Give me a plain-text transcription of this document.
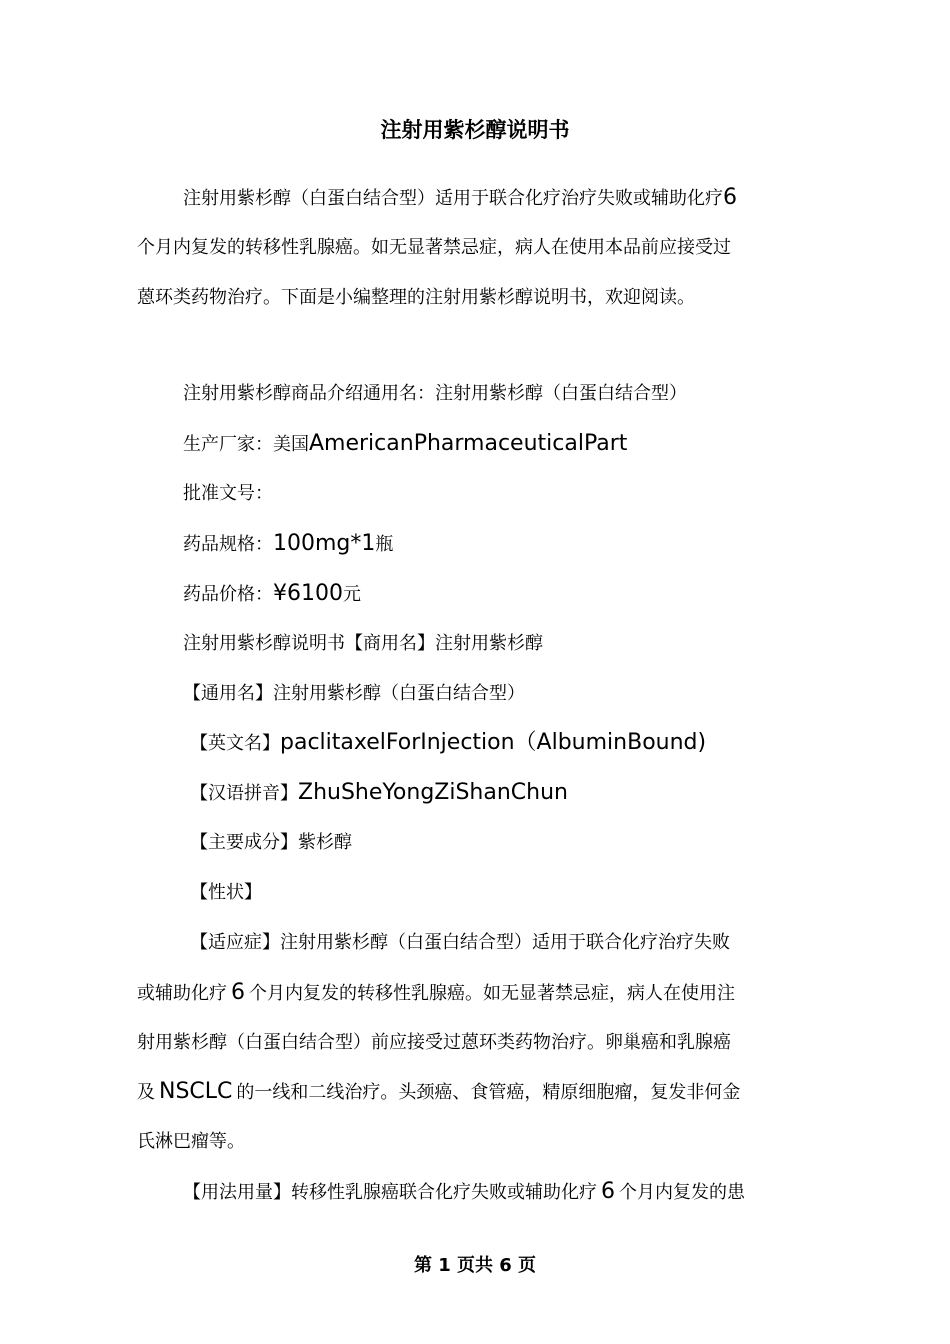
注射用紫杉醇说明书

注射用紫杉醇（白蛋白结合型）适用于联合化疗治疗失败或辅助化疗6

个月内复发的转移性乳腺癌。如无显著禁忌症，病人在使用本品前应接受过

蒽环类药物治疗。下面是小编整理的注射用紫杉醇说明书，欢迎阅读。

注射用紫杉醇商品介绍通用名：注射用紫杉醇（白蛋白结合型）

生产厂家：美国AmericanPharmaceuticalPart

批准文号：

药品规格：100mg*1瓶

药品价格：¥6100元

注射用紫杉醇说明书【商用名】注射用紫杉醇

【通用名】注射用紫杉醇（白蛋白结合型）

【英文名】paclitaxelForInjection（AlbuminBound)

【汉语拼音】ZhuSheYongZiShanChun

【主要成分】紫杉醇

【性状】

【适应症】注射用紫杉醇（白蛋白结合型）适用于联合化疗治疗失败

或辅助化疗 6 个月内复发的转移性乳腺癌。如无显著禁忌症，病人在使用注

射用紫杉醇（白蛋白结合型）前应接受过蒽环类药物治疗。卵巢癌和乳腺癌

及 NSCLC 的一线和二线治疗。头颈癌、食管癌，精原细胞瘤，复发非何金

氏淋巴瘤等。

【用法用量】转移性乳腺癌联合化疗失败或辅助化疗 6 个月内复发的患

第 1 页共 6 页
